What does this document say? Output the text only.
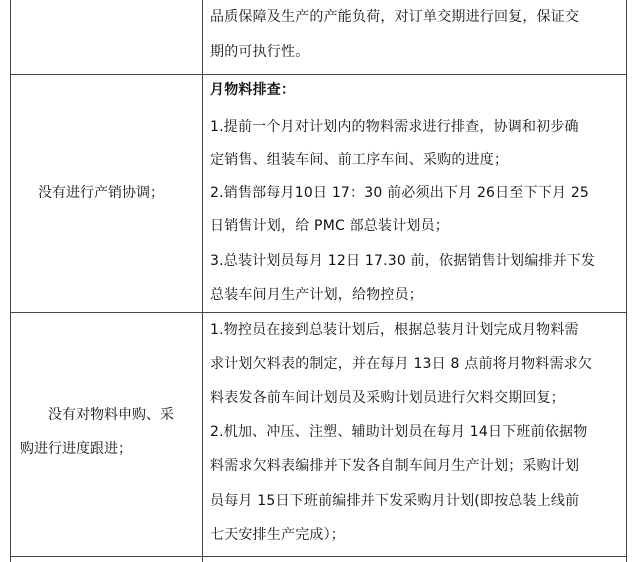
品质保障及生产的产能负荷，对订单交期进行回复，保证交
期的可执行性。
没有进行产销协调；
月物料排查：
1.提前一个月对计划内的物料需求进行排查，协调和初步确
定销售、组装车间、前工序车间、采购的进度；
2.销售部每月10日 17：30 前必须出下月 26日至下下月 25
日销售计划，给 PMC 部总装计划员；
3.总装计划员每月 12日 17.30 前，依据销售计划编排并下发
总装车间月生产计划，给物控员；
没有对物料申购、采
购进行进度跟进；
1.物控员在接到总装计划后，根据总装月计划完成月物料需
求计划欠料表的制定，并在每月 13日 8 点前将月物料需求欠
料表发各前车间计划员及采购计划员进行欠料交期回复；
2.机加、冲压、注塑、辅助计划员在每月 14日下班前依据物
料需求欠料表编排并下发各自制车间月生产计划；采购计划
员每月 15日下班前编排并下发采购月计划(即按总装上线前
七天安排生产完成）；
